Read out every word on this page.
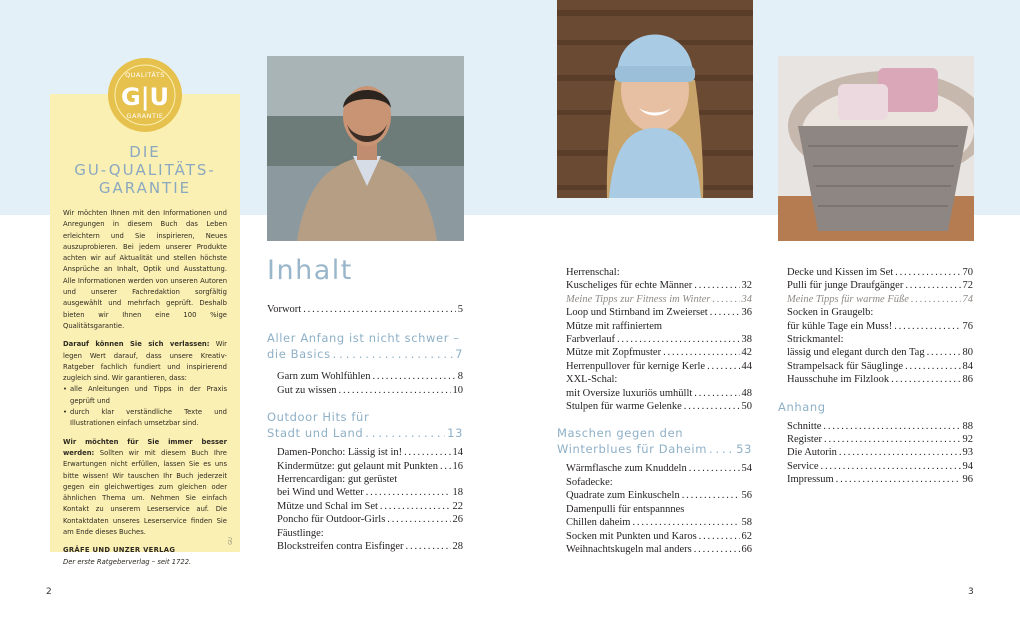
QUALITÄTS
G|U
GARANTIE
DIE
GU-QUALITÄTS-
GARANTIE

Wir möchten Ihnen mit den Informationen und Anregungen in diesem Buch das Leben erleichtern und Sie inspirieren, Neues auszuprobieren. Bei jedem unserer Produkte achten wir auf Aktualität und stellen höchste Ansprüche an Inhalt, Optik und Ausstattung. Alle Informationen werden von unseren Autoren und unserer Fachredaktion sorgfältig ausgewählt und mehrfach geprüft. Deshalb bieten wir Ihnen eine 100 %ige Qualitätsgarantie.

Darauf können Sie sich verlassen: Wir legen Wert darauf, dass unsere Kreativ-Ratgeber fachlich fundiert und inspirierend zugleich sind. Wir garantieren, dass:

• alle Anleitungen und Tipps in der Praxis geprüft und
• durch klar verständliche Texte und Illustrationen einfach umsetzbar sind.

Wir möchten für Sie immer besser werden: Sollten wir mit diesem Buch Ihre Erwartungen nicht erfüllen, lassen Sie es uns bitte wissen! Wir tauschen Ihr Buch jederzeit gegen ein gleichwertiges zum gleichen oder ähnlichen Thema um. Nehmen Sie einfach Kontakt zu unserem Leserservice auf. Die Kontaktdaten unseres Leserservice finden Sie am Ende dieses Buches.

GRÄFE UND UNZER VERLAG
Der erste Ratgeberverlag – seit 1722.
GU
Inhalt
Vorwort . . .	5
Aller Anfang ist nicht schwer –
die Basics . . .	7
Garn zum Wohlfühlen . . .	8
Gut zu wissen . . .	10
Outdoor Hits für
Stadt und Land . . .	13
Damen-Poncho: Lässig ist in! . . .	14
Kindermütze: gut gelaunt mit Punkten . . . 16
Herrencardigan: gut gerüstet
bei Wind und Wetter . . .	18
Mütze und Schal im Set . . .	22
Poncho für Outdoor-Girls . . .	26
Fäustlinge:
Blockstreifen contra Eisfinger . . .	28
Herrenschal:
Kuscheliges für echte Männer . . .	32
Meine Tipps zur Fitness im Winter . . .	34
Loop und Stirnband im Zweierset . . .	36
Mütze mit raffiniertem
Farbverlauf . . .	38
Mütze mit Zopfmuster . . .	42
Herrenpullover für kernige Kerle . . .	44
XXL-Schal:
mit Oversize luxuriös umhüllt . . .	48
Stulpen für warme Gelenke . . .	50
Maschen gegen den
Winterblues für Daheim . . .	53
Wärmflasche zum Knuddeln . . .	54
Sofadecke:
Quadrate zum Einkuscheln . . .	56
Damenpulli für entspannnes
Chillen daheim . . .	58
Socken mit Punkten und Karos . . .	62
Weihnachtskugeln mal anders . . .	66
Decke und Kissen im Set . . .	70
Pulli für junge Draufgänger . . .	72
Meine Tipps für warme Füße . . .	74
Socken in Graugelb:
für kühle Tage ein Muss! . . .	76
Strickmantel:
lässig und elegant durch den Tag . . .	80
Strampelsack für Säuglinge . . .	84
Hausschuhe im Filzlook . . .	86
Anhang
Schnitte . . .	88
Register . . .	92
Die Autorin . . .	93
Service . . .	94
Impressum . . .	96
2	3
